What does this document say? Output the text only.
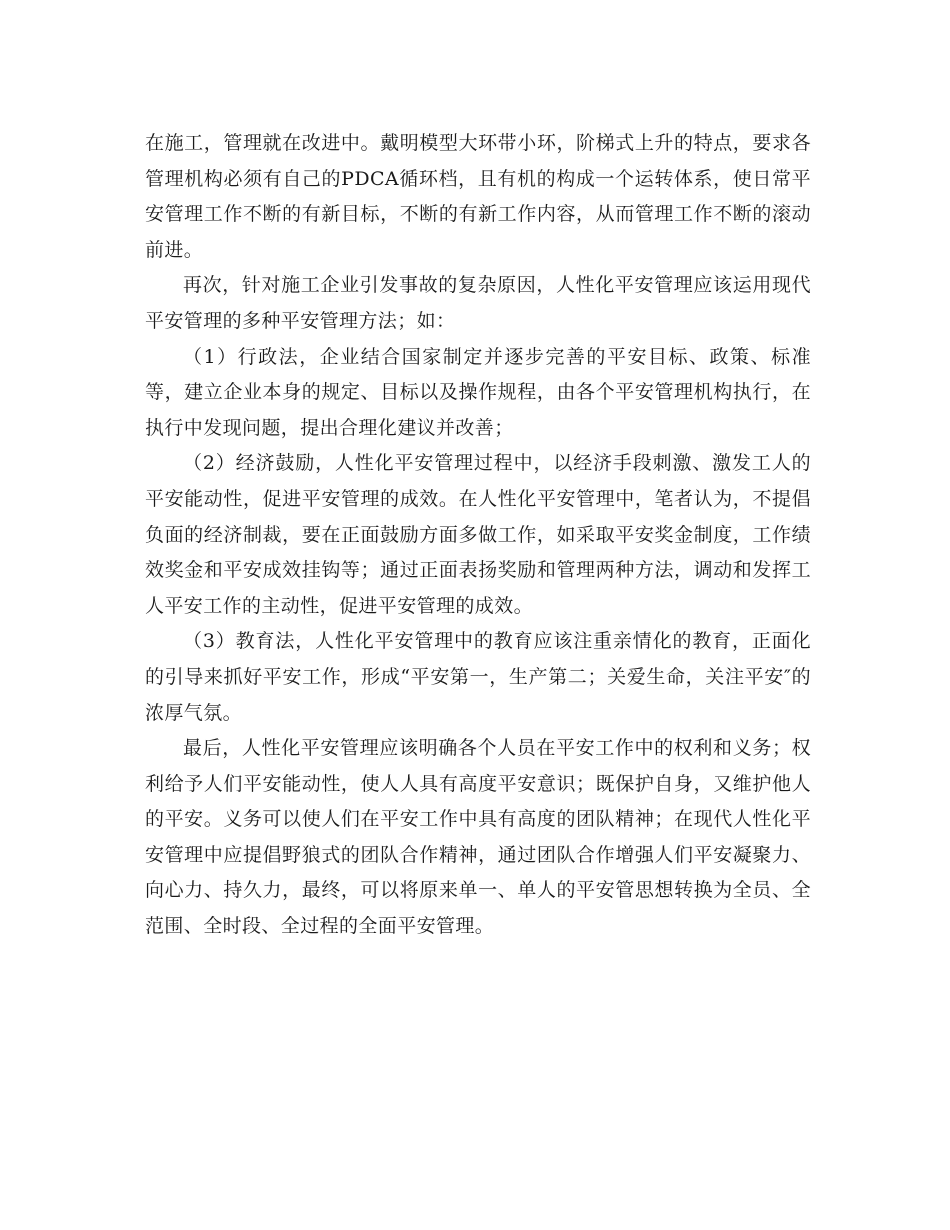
在施工，管理就在改进中。戴明模型大环带小环，阶梯式上升的特点，要求各管理机构必须有自己的PDCA循环档，且有机的构成一个运转体系，使日常平安管理工作不断的有新目标，不断的有新工作内容，从而管理工作不断的滚动前进。

再次，针对施工企业引发事故的复杂原因，人性化平安管理应该运用现代平安管理的多种平安管理方法；如：

（1）行政法，企业结合国家制定并逐步完善的平安目标、政策、标准等，建立企业本身的规定、目标以及操作规程，由各个平安管理机构执行，在执行中发现问题，提出合理化建议并改善；

（2）经济鼓励，人性化平安管理过程中，以经济手段刺激、激发工人的平安能动性，促进平安管理的成效。在人性化平安管理中，笔者认为，不提倡负面的经济制裁，要在正面鼓励方面多做工作，如采取平安奖金制度，工作绩效奖金和平安成效挂钩等；通过正面表扬奖励和管理两种方法，调动和发挥工人平安工作的主动性，促进平安管理的成效。

（3）教育法，人性化平安管理中的教育应该注重亲情化的教育，正面化的引导来抓好平安工作，形成“平安第一，生产第二；关爱生命，关注平安″的浓厚气氛。

最后，人性化平安管理应该明确各个人员在平安工作中的权利和义务；权利给予人们平安能动性，使人人具有高度平安意识；既保护自身，又维护他人的平安。义务可以使人们在平安工作中具有高度的团队精神；在现代人性化平安管理中应提倡野狼式的团队合作精神，通过团队合作增强人们平安凝聚力、向心力、持久力，最终，可以将原来单一、单人的平安管思想转换为全员、全范围、全时段、全过程的全面平安管理。
